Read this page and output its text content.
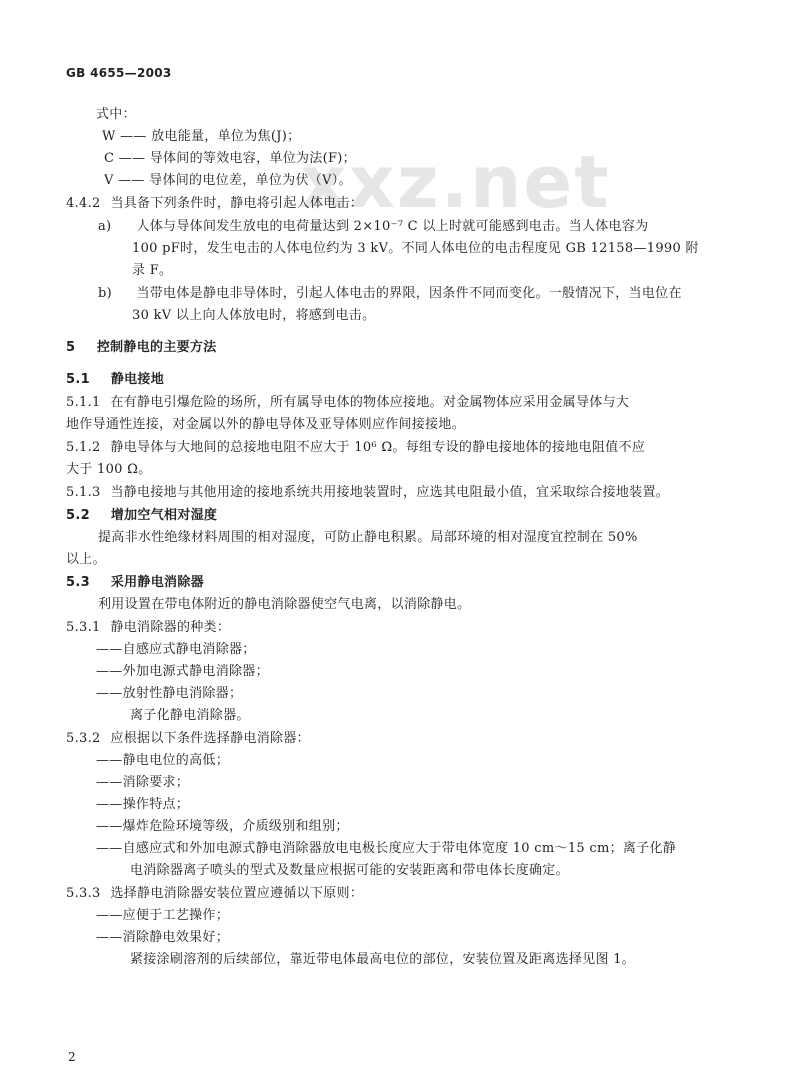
xxz.net
GB 4655—2003
式中：
W —— 放电能量，单位为焦(J)；
C —— 导体间的等效电容，单位为法(F)；
V —— 导体间的电位差，单位为伏（V）。
4.4.2 当具备下列条件时，静电将引起人体电击：
a) 人体与导体间发生放电的电荷量达到 2×10⁻⁷ C 以上时就可能感到电击。当人体电容为
100 pF时，发生电击的人体电位约为 3 kV。不同人体电位的电击程度见 GB 12158—1990 附
录 F。
b) 当带电体是静电非导体时，引起人体电击的界限，因条件不同而变化。一般情况下，当电位在
30 kV 以上向人体放电时，将感到电击。
5 控制静电的主要方法
5.1 静电接地
5.1.1 在有静电引爆危险的场所，所有属导电体的物体应接地。对金属物体应采用金属导体与大
地作导通性连接，对金属以外的静电导体及亚导体则应作间接接地。
5.1.2 静电导体与大地间的总接地电阻不应大于 10⁶ Ω。每组专设的静电接地体的接地电阻值不应
大于 100 Ω。
5.1.3 当静电接地与其他用途的接地系统共用接地装置时，应选其电阻最小值，宜采取综合接地装置。
5.2 增加空气相对湿度
提高非水性绝缘材料周围的相对湿度，可防止静电积累。局部环境的相对湿度宜控制在 50%
以上。
5.3 采用静电消除器
利用设置在带电体附近的静电消除器使空气电离，以消除静电。
5.3.1 静电消除器的种类：
——自感应式静电消除器；
——外加电源式静电消除器；
——放射性静电消除器；
离子化静电消除器。
5.3.2 应根据以下条件选择静电消除器：
——静电电位的高低；
——消除要求；
——操作特点；
——爆炸危险环境等级，介质级别和组别；
——自感应式和外加电源式静电消除器放电电极长度应大于带电体宽度 10 cm～15 cm；离子化静
电消除器离子喷头的型式及数量应根据可能的安装距离和带电体长度确定。
5.3.3 选择静电消除器安装位置应遵循以下原则：
——应便于工艺操作；
——消除静电效果好；
紧接涂刷溶剂的后续部位，靠近带电体最高电位的部位，安装位置及距离选择见图 1。
2
